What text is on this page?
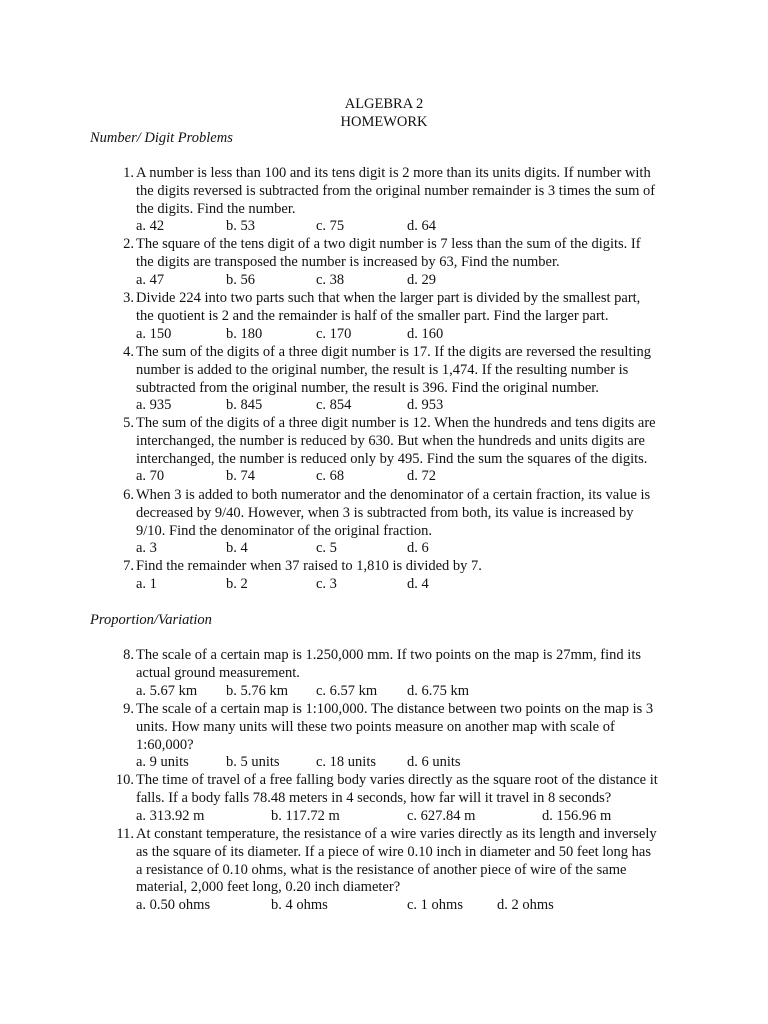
ALGEBRA 2
HOMEWORK
Number/ Digit Problems
1. A number is less than 100 and its tens digit is 2 more than its units digits. If number with
the digits reversed is subtracted from the original number remainder is 3 times the sum of
the digits. Find the number.
a. 42	b. 53	c. 75	d. 64
2. The square of the tens digit of a two digit number is 7 less than the sum of the digits. If
the digits are transposed the number is increased by 63, Find the number.
a. 47	b. 56	c. 38	d. 29
3. Divide 224 into two parts such that when the larger part is divided by the smallest part,
the quotient is 2 and the remainder is half of the smaller part. Find the larger part.
a. 150	b. 180	c. 170	d. 160
4. The sum of the digits of a three digit number is 17. If the digits are reversed the resulting
number is added to the original number, the result is 1,474. If the resulting number is
subtracted from the original number, the result is 396. Find the original number.
a. 935	b. 845	c. 854	d. 953
5. The sum of the digits of a three digit number is 12. When the hundreds and tens digits are
interchanged, the number is reduced by 630. But when the hundreds and units digits are
interchanged, the number is reduced only by 495. Find the sum the squares of the digits.
a. 70	b. 74	c. 68	d. 72
6. When 3 is added to both numerator and the denominator of a certain fraction, its value is
decreased by 9/40. However, when 3 is subtracted from both, its value is increased by
9/10. Find the denominator of the original fraction.
a. 3	b. 4	c. 5	d. 6
7. Find the remainder when 37 raised to 1,810 is divided by 7.
a. 1	b. 2	c. 3	d. 4
Proportion/Variation
8. The scale of a certain map is 1.250,000 mm. If two points on the map is 27mm, find its
actual ground measurement.
a. 5.67 km b. 5.76 km c. 6.57 km d. 6.75 km
9. The scale of a certain map is 1:100,000. The distance between two points on the map is 3
units. How many units will these two points measure on another map with scale of
1:60,000?
a. 9 units	b. 5 units	c. 18 units d. 6 units
10. The time of travel of a free falling body varies directly as the square root of the distance it
falls. If a body falls 78.48 meters in 4 seconds, how far will it travel in 8 seconds?
a. 313.92 m	b. 117.72 m	c. 627.84 m	d. 156.96 m
11. At constant temperature, the resistance of a wire varies directly as its length and inversely
as the square of its diameter. If a piece of wire 0.10 inch in diameter and 50 feet long has
a resistance of 0.10 ohms, what is the resistance of another piece of wire of the same
material, 2,000 feet long, 0.20 inch diameter?
a. 0.50 ohms	b. 4 ohms	c. 1 ohms d. 2 ohms
